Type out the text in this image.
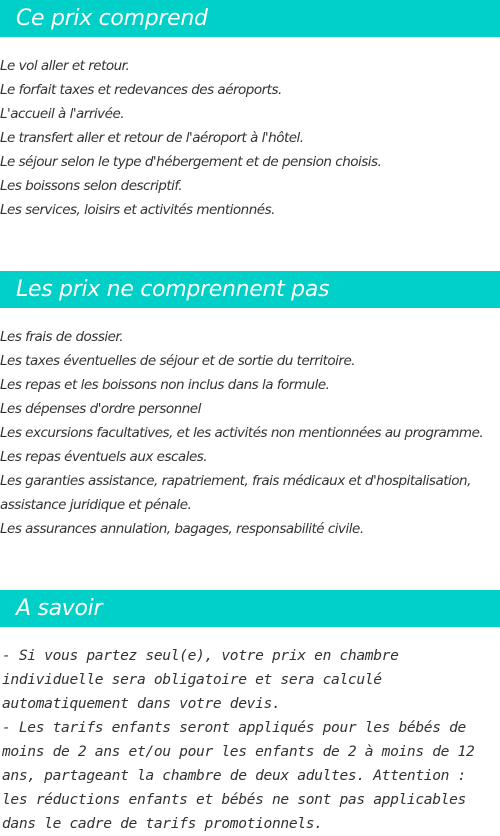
Ce prix comprend
Le vol aller et retour.
Le forfait taxes et redevances des aéroports.
L'accueil à l'arrivée.
Le transfert aller et retour de l'aéroport à l'hôtel.
Le séjour selon le type d'hébergement et de pension choisis.
Les boissons selon descriptif.
Les services, loisirs et activités mentionnés.
Les prix ne comprennent pas
Les frais de dossier.
Les taxes éventuelles de séjour et de sortie du territoire.
Les repas et les boissons non inclus dans la formule.
Les dépenses d'ordre personnel
Les excursions facultatives, et les activités non mentionnées au programme.
Les repas éventuels aux escales.
Les garanties assistance, rapatriement, frais médicaux et d'hospitalisation, assistance juridique et pénale.
Les assurances annulation, bagages, responsabilité civile.
A savoir

- Si vous partez seul(e), votre prix en chambre individuelle sera obligatoire et sera calculé automatiquement dans votre devis.

- Les tarifs enfants seront appliqués pour les bébés de moins de 2 ans et/ou pour les enfants de 2 à moins de 12 ans, partageant la chambre de deux adultes. Attention : les réductions enfants et bébés ne sont pas applicables dans le cadre de tarifs promotionnels.
